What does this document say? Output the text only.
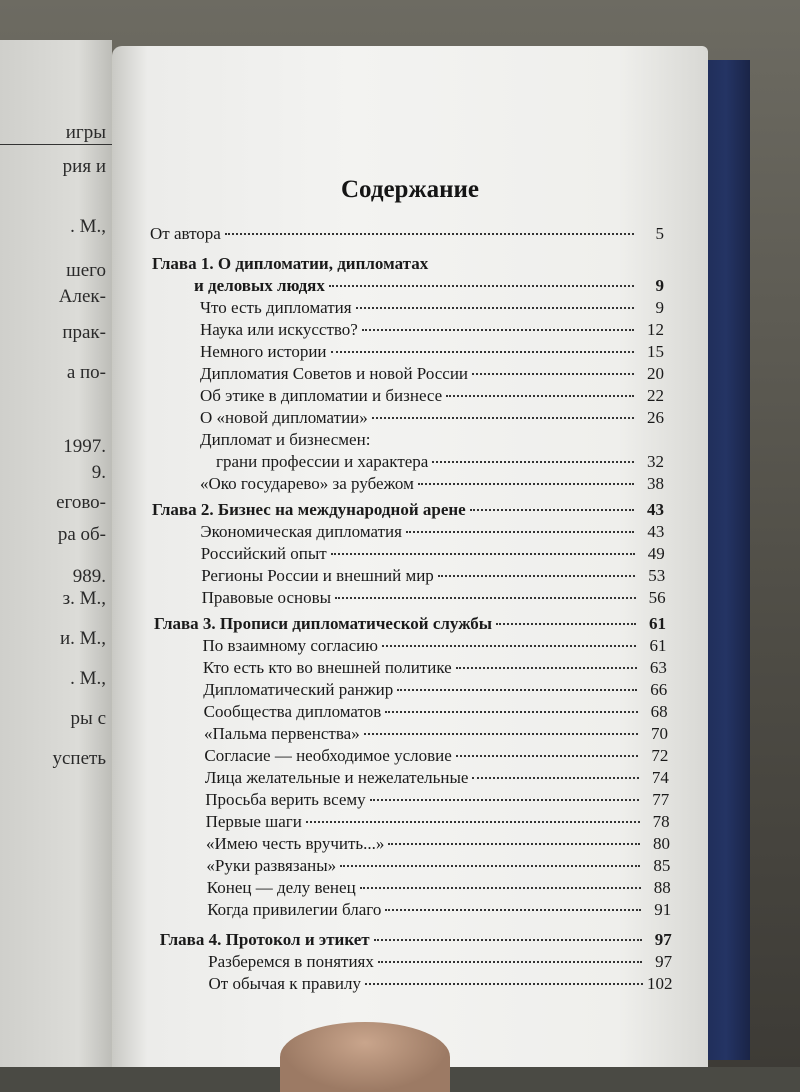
игры
рия и
. М.,
шего
Алек-
прак-
а по-
1997.
9.
егово-
ра об-
989.
з. М.,
и. М.,
. М.,
ры с
успеть
Содержание
От автора	5
Глава 1. О дипломатии, дипломатах
и деловых людях	9
Что есть дипломатия	9
Наука или искусство?	12
Немного истории	15
Дипломатия Советов и новой России	20
Об этике в дипломатии и бизнесе	22
О «новой дипломатии»	26
Дипломат и бизнесмен:
грани профессии и характера	32
«Око государево» за рубежом	38
Глава 2. Бизнес на международной арене	43
Экономическая дипломатия	43
Российский опыт	49
Регионы России и внешний мир	53
Правовые основы	56
Глава 3. Прописи дипломатической службы	61
По взаимному согласию	61
Кто есть кто во внешней политике	63
Дипломатический ранжир	66
Сообщества дипломатов	68
«Пальма первенства»	70
Согласие — необходимое условие	72
Лица желательные и нежелательные	74
Просьба верить всему	77
Первые шаги	78
«Имею честь вручить...»	80
«Руки развязаны»	85
Конец — делу венец	88
Когда привилегии благо	91
Глава 4. Протокол и этикет	97
Разберемся в понятиях	97
От обычая к правилу	102
